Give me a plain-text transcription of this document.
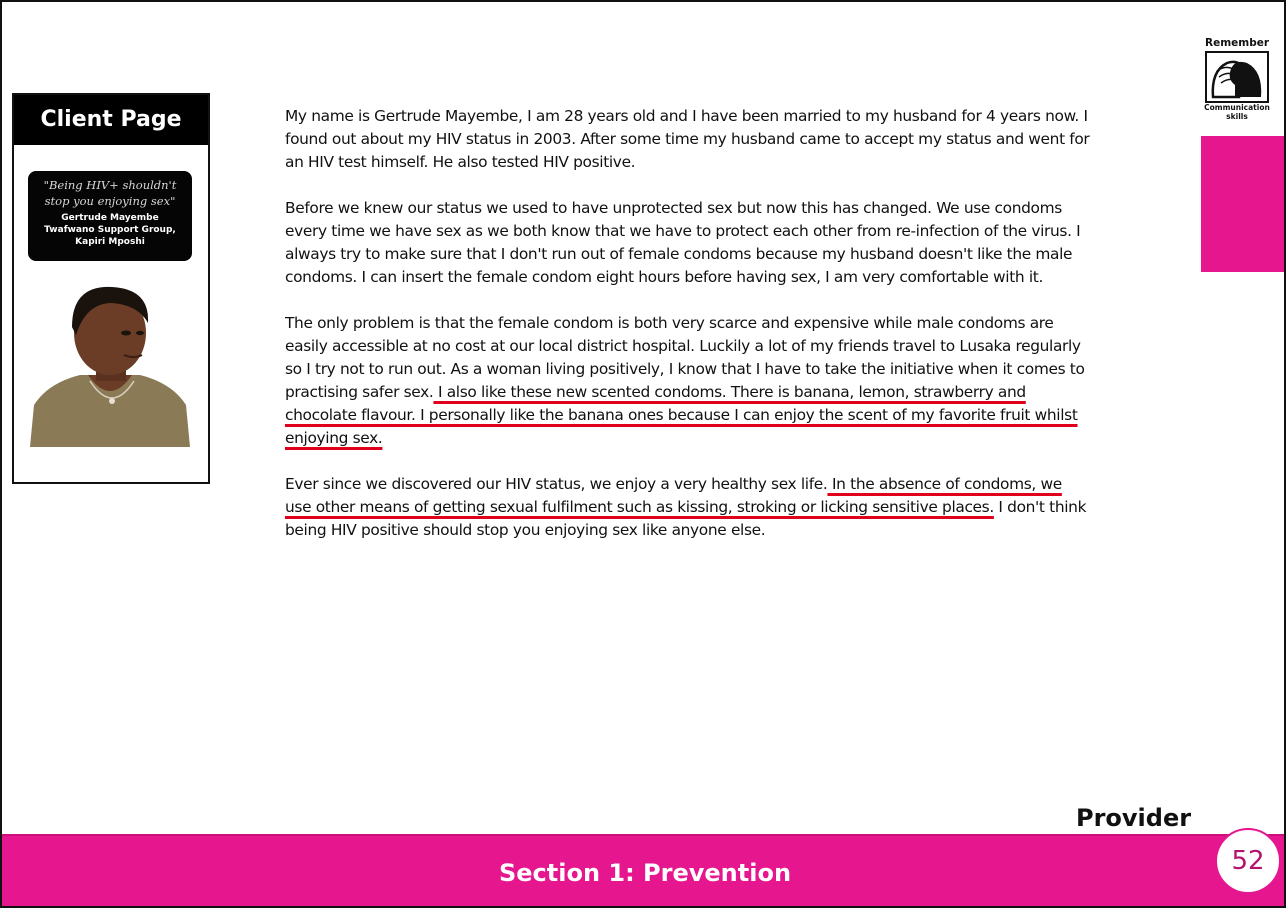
Client Page
"Being HIV+ shouldn't stop you enjoying sex"
Gertrude Mayembe
Twafwano Support Group,
Kapiri Mposhi

My name is Gertrude Mayembe, I am 28 years old and I have been married to my husband for 4 years now. I found out about my HIV status in 2003. After some time my husband came to accept my status and went for an HIV test himself. He also tested HIV positive.

Before we knew our status we used to have unprotected sex but now this has changed. We use condoms every time we have sex as we both know that we have to protect each other from re-infection of the virus. I always try to make sure that I don't run out of female condoms because my husband doesn't like the male condoms. I can insert the female condom eight hours before having sex, I am very comfortable with it.

The only problem is that the female condom is both very scarce and expensive while male condoms are easily accessible at no cost at our local district hospital. Luckily a lot of my friends travel to Lusaka regularly so I try not to run out. As a woman living positively, I know that I have to take the initiative when it comes to practising safer sex. I also like these new scented condoms. There is banana, lemon, strawberry and chocolate flavour. I personally like the banana ones because I can enjoy the scent of my favorite fruit whilst enjoying sex.

Ever since we discovered our HIV status, we enjoy a very healthy sex life. In the absence of condoms, we use other means of getting sexual fulfilment such as kissing, stroking or licking sensitive places. I don't think being HIV positive should stop you enjoying sex like anyone else.

Remember
Communication
skills
Provider
Section 1: Prevention	52
